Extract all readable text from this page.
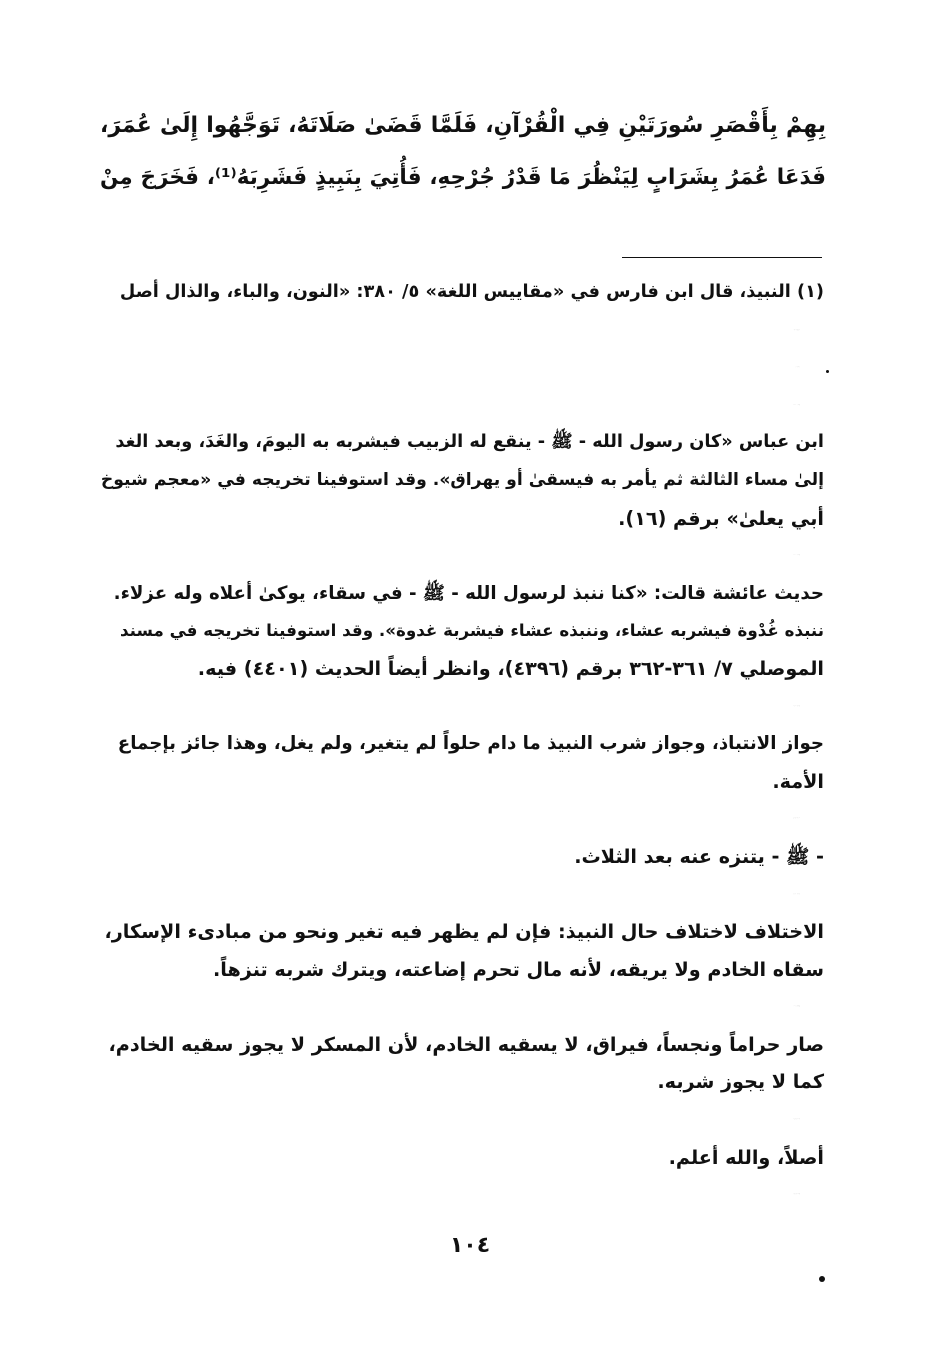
بِهِمْ بِأَقْصَرِ سُورَتَيْنِ فِي الْقُرْآنِ، فَلَمَّا قَضَىٰ صَلَاتَهُ، تَوَجَّهُوا إِلَىٰ عُمَرَ،
فَدَعَا عُمَرُ بِشَرَابٍ لِيَنْظُرَ مَا قَدْرُ جُرْحِهِ، فَأُتِيَ بِنَبِيذٍ فَشَرِبَهُ⁽¹⁾، فَخَرَجَ مِنْ

(١) النبيذ، قال ابن فارس في «مقاييس اللغة» ٥/ ٣٨٠: «النون، والباء، والذال أصل

ابن عباس «كان رسول الله - ﷺ - ينقع له الزبيب فيشربه به اليومَ، والغَدَ، وبعد الغد

إلىٰ مساء الثالثة ثم يأمر به فيسقىٰ أو يهراق». وقد استوفينا تخريجه في «معجم شيوخ

أبي يعلىٰ» برقم (١٦).

حديث عائشة قالت: «كنا ننبذ لرسول الله - ﷺ - في سقاء، يوكىٰ أعلاه وله عزلاء.

ننبذه غُدْوة فيشربه عشاء، وننبذه عشاء فيشربة غدوة». وقد استوفينا تخريجه في مسند

الموصلي ٧/ ٣٦١-٣٦٢ برقم (٤٣٩٦)، وانظر أيضاً الحديث (٤٤٠١) فيه.

جواز الانتباذ، وجواز شرب النبيذ ما دام حلواً لم يتغير، ولم يغل، وهذا جائز بإجماع

الأمة.

- ﷺ - يتنزه عنه بعد الثلاث.

الاختلاف لاختلاف حال النبيذ: فإن لم يظهر فيه تغير ونحو من مبادىء الإسكار،

سقاه الخادم ولا يريقه، لأنه مال تحرم إضاعته، ويترك شربه تنزهاً.

صار حراماً ونجساً، فيراق، لا يسقيه الخادم، لأن المسكر لا يجوز سقيه الخادم،

كما لا يجوز شربه.

أصلاً، والله أعلم.

١٠٤
